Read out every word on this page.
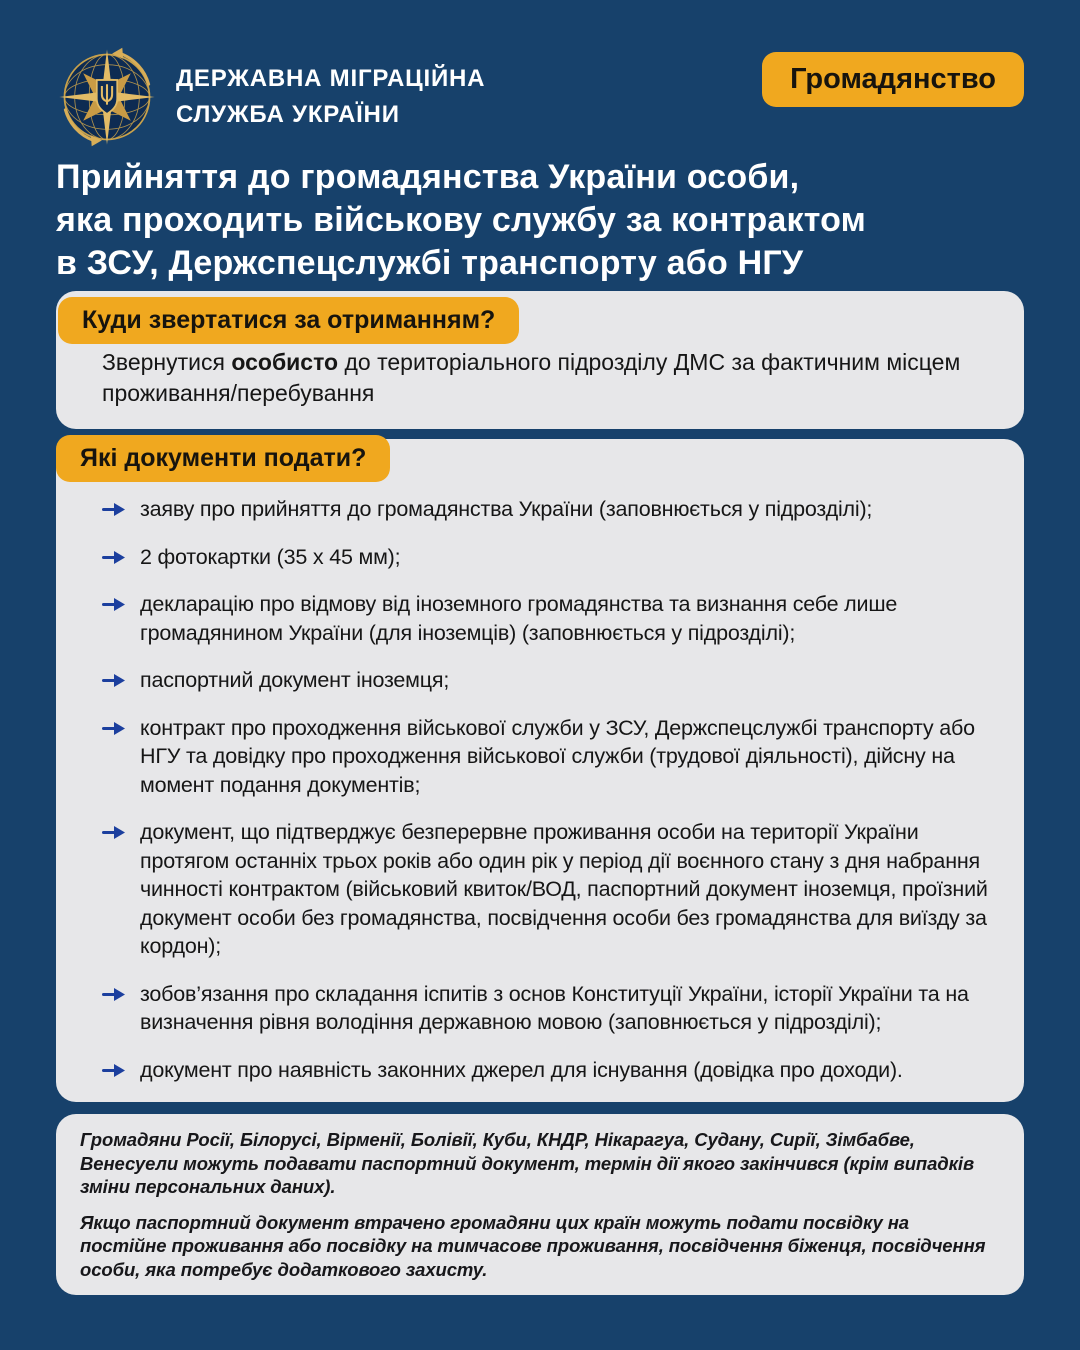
ДЕРЖАВНА МІГРАЦІЙНА
СЛУЖБА УКРАЇНИ
Громадянство
Прийняття до громадянства України особи,
яка проходить військову службу за контрактом
в ЗСУ, Держспецслужбі транспорту або НГУ
Куди звертатися за отриманням?

Звернутися особисто до територіального підрозділу ДМС за фактичним місцем проживання/перебування

Які документи подати?
заяву про прийняття до громадянства України (заповнюється у підрозділі);
2 фотокартки (35 х 45 мм);
декларацію про відмову від іноземного громадянства та визнання себе лише громадянином України (для іноземців) (заповнюється у підрозділі);
паспортний документ іноземця;
контракт про проходження військової служби у ЗСУ, Держспецслужбі транспорту або НГУ та довідку про проходження військової служби (трудової діяльності), дійсну на момент подання документів;
документ, що підтверджує безперервне проживання особи на території України протягом останніх трьох років або один рік у період дії воєнного стану з дня набрання чинності контрактом (військовий квиток/ВОД, паспортний документ іноземця, проїзний документ особи без громадянства, посвідчення особи без громадянства для виїзду за кордон);
зобов’язання про складання іспитів з основ Конституції України, історії України та на визначення рівня володіння державною мовою (заповнюється у підрозділі);
документ про наявність законних джерел для існування (довідка про доходи).

Громадяни Росії, Білорусі, Вірменії, Болівії, Куби, КНДР, Нікарагуа, Судану, Сирії, Зімбабве, Венесуели можуть подавати паспортний документ, термін дії якого закінчився (крім випадків зміни персональних даних).

Якщо паспортний документ втрачено громадяни цих країн можуть подати посвідку на постійне проживання або посвідку на тимчасове проживання, посвідчення біженця, посвідчення особи, яка потребує додаткового захисту.
